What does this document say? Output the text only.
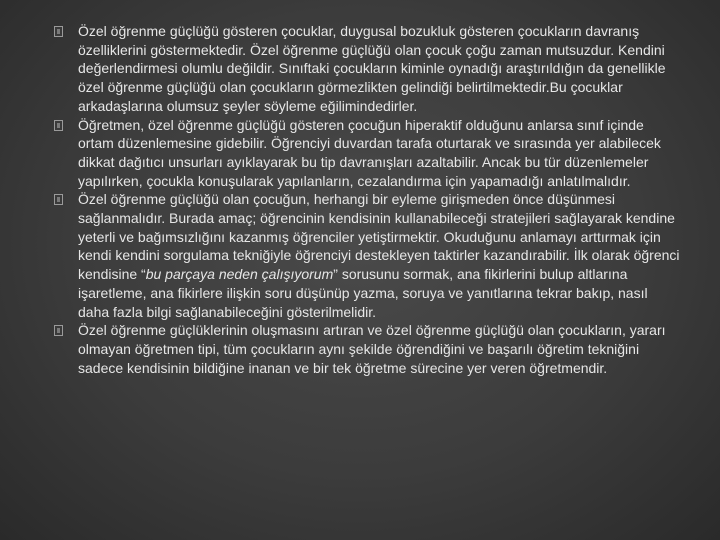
Özel öğrenme güçlüğü gösteren çocuklar, duygusal bozukluk gösteren çocukların davranış özelliklerini göstermektedir. Özel öğrenme güçlüğü olan çocuk çoğu zaman mutsuzdur. Kendini değerlendirmesi olumlu değildir. Sınıftaki çocukların kiminle oynadığı araştırıldığın da genellikle özel öğrenme güçlüğü olan çocukların görmezlikten gelindiği belirtilmektedir.Bu çocuklar arkadaşlarına olumsuz şeyler söyleme eğilimindedirler.
Öğretmen, özel öğrenme güçlüğü gösteren çocuğun hiperaktif olduğunu anlarsa sınıf içinde ortam düzenlemesine gidebilir. Öğrenciyi duvardan tarafa oturtarak ve sırasında yer alabilecek dikkat dağıtıcı unsurları ayıklayarak bu tip davranışları azaltabilir. Ancak bu tür düzenlemeler yapılırken, çocukla konuşularak yapılanların, cezalandırma için yapamadığı anlatılmalıdır.
Özel öğrenme güçlüğü olan çocuğun, herhangi bir eyleme girişmeden önce düşünmesi sağlanmalıdır. Burada amaç; öğrencinin kendisinin kullanabileceği stratejileri sağlayarak kendine yeterli ve bağımsızlığını kazanmış öğrenciler yetiştirmektir. Okuduğunu anlamayı arttırmak için kendi kendini sorgulama tekniğiyle öğrenciyi destekleyen taktirler kazandırabilir. İlk olarak öğrenci kendisine “bu parçaya neden çalışıyorum” sorusunu sormak, ana fikirlerini bulup altlarına işaretleme, ana fikirlere ilişkin soru düşünüp yazma, soruya ve yanıtlarına tekrar bakıp, nasıl daha fazla bilgi sağlanabileceğini gösterilmelidir.
Özel öğrenme güçlüklerinin oluşmasını artıran ve özel öğrenme güçlüğü olan çocukların, yararı olmayan öğretmen tipi, tüm çocukların aynı şekilde öğrendiğini ve başarılı öğretim tekniğini sadece kendisinin bildiğine inanan ve bir tek öğretme sürecine yer veren öğretmendir.
